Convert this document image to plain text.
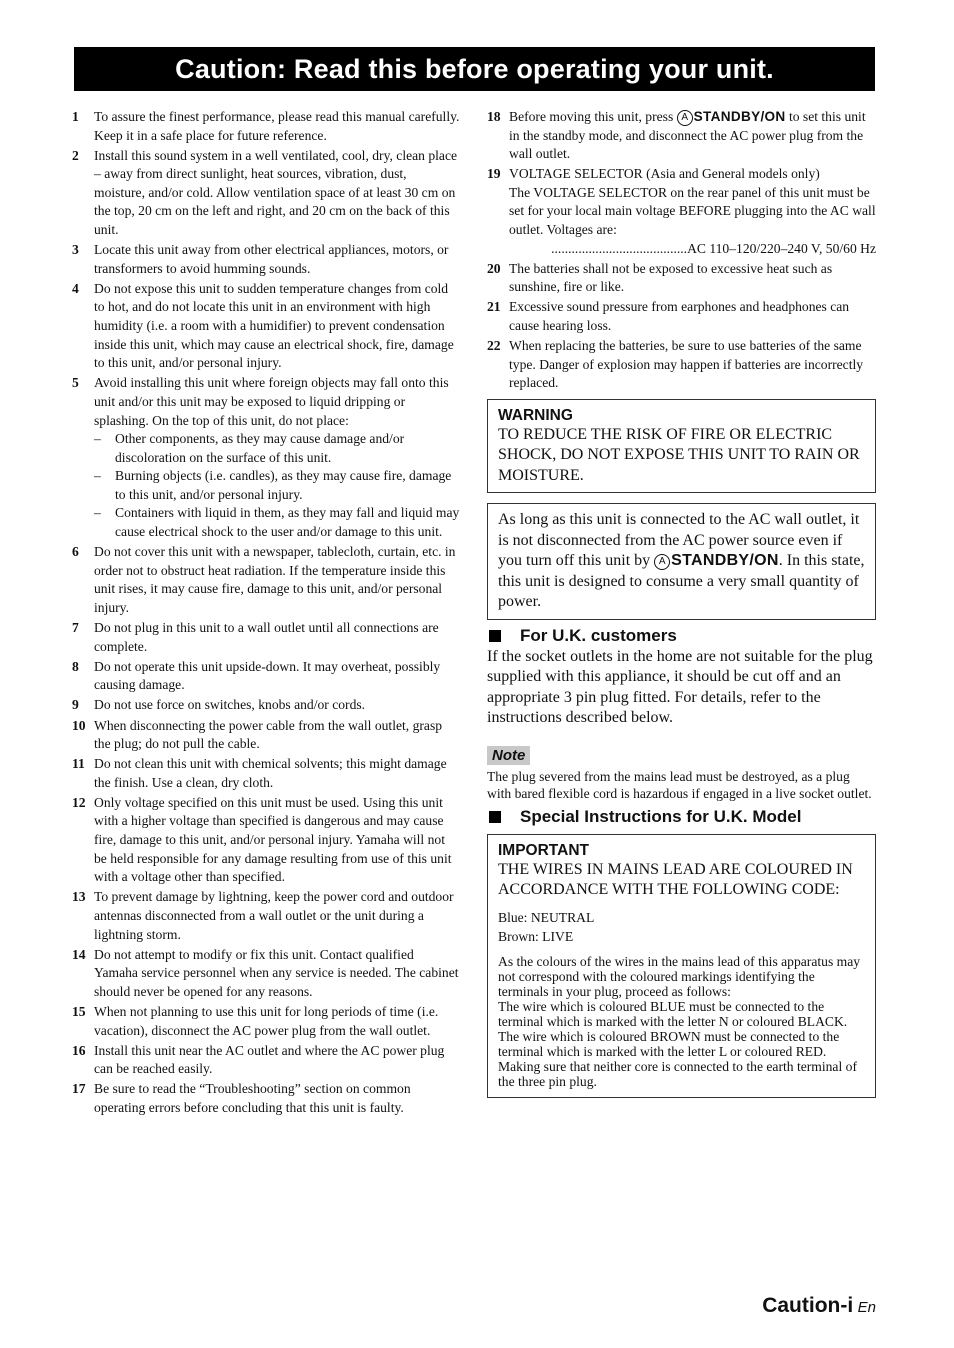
Caution: Read this before operating your unit.
1	To assure the finest performance, please read this manual carefully. Keep it in a safe place for future reference.
2	Install this sound system in a well ventilated, cool, dry, clean place – away from direct sunlight, heat sources, vibration, dust, moisture, and/or cold. Allow ventilation space of at least 30 cm on the top, 20 cm on the left and right, and 20 cm on the back of this unit.
3	Locate this unit away from other electrical appliances, motors, or transformers to avoid humming sounds.
4	Do not expose this unit to sudden temperature changes from cold to hot, and do not locate this unit in an environment with high humidity (i.e. a room with a humidifier) to prevent condensation inside this unit, which may cause an electrical shock, fire, damage to this unit, and/or personal injury.
5	Avoid installing this unit where foreign objects may fall onto this unit and/or this unit may be exposed to liquid dripping or splashing. On the top of this unit, do not place:
–	Other components, as they may cause damage and/or discoloration on the surface of this unit.
–	Burning objects (i.e. candles), as they may cause fire, damage to this unit, and/or personal injury.
–	Containers with liquid in them, as they may fall and liquid may cause electrical shock to the user and/or damage to this unit.
6	Do not cover this unit with a newspaper, tablecloth, curtain, etc. in order not to obstruct heat radiation. If the temperature inside this unit rises, it may cause fire, damage to this unit, and/or personal injury.
7	Do not plug in this unit to a wall outlet until all connections are complete.
8	Do not operate this unit upside-down. It may overheat, possibly causing damage.
9	Do not use force on switches, knobs and/or cords.
10 When disconnecting the power cable from the wall outlet, grasp the plug; do not pull the cable.
11 Do not clean this unit with chemical solvents; this might damage the finish. Use a clean, dry cloth.
12 Only voltage specified on this unit must be used. Using this unit with a higher voltage than specified is dangerous and may cause fire, damage to this unit, and/or personal injury. Yamaha will not be held responsible for any damage resulting from use of this unit with a voltage other than specified.
13 To prevent damage by lightning, keep the power cord and outdoor antennas disconnected from a wall outlet or the unit during a lightning storm.
14 Do not attempt to modify or fix this unit. Contact qualified Yamaha service personnel when any service is needed. The cabinet should never be opened for any reasons.
15 When not planning to use this unit for long periods of time (i.e. vacation), disconnect the AC power plug from the wall outlet.
16 Install this unit near the AC outlet and where the AC power plug can be reached easily.
17 Be sure to read the “Troubleshooting” section on common operating errors before concluding that this unit is faulty.
18 Before moving this unit, press A STANDBY/ON to set this unit in the standby mode, and disconnect the AC power plug from the wall outlet.
19 VOLTAGE SELECTOR (Asia and General models only)
The VOLTAGE SELECTOR on the rear panel of this unit must be set for your local main voltage BEFORE plugging into the AC wall outlet. Voltages are:
........................................AC 110–120/220–240 V, 50/60 Hz
20 The batteries shall not be exposed to excessive heat such as sunshine, fire or like.
21 Excessive sound pressure from earphones and headphones can cause hearing loss.
22 When replacing the batteries, be sure to use batteries of the same type. Danger of explosion may happen if batteries are incorrectly replaced.
WARNING
TO REDUCE THE RISK OF FIRE OR ELECTRIC SHOCK, DO NOT EXPOSE THIS UNIT TO RAIN OR MOISTURE.
As long as this unit is connected to the AC wall outlet, it is not disconnected from the AC power source even if you turn off this unit by A STANDBY/ON. In this state, this unit is designed to consume a very small quantity of power.
For U.K. customers
If the socket outlets in the home are not suitable for the plug supplied with this appliance, it should be cut off and an appropriate 3 pin plug fitted. For details, refer to the instructions described below.
Note
The plug severed from the mains lead must be destroyed, as a plug with bared flexible cord is hazardous if engaged in a live socket outlet.
Special Instructions for U.K. Model
IMPORTANT
THE WIRES IN MAINS LEAD ARE COLOURED IN ACCORDANCE WITH THE FOLLOWING CODE:
Blue: NEUTRAL
Brown: LIVE
As the colours of the wires in the mains lead of this apparatus may not correspond with the coloured markings identifying the terminals in your plug, proceed as follows:
The wire which is coloured BLUE must be connected to the terminal which is marked with the letter N or coloured BLACK. The wire which is coloured BROWN must be connected to the terminal which is marked with the letter L or coloured RED.
Making sure that neither core is connected to the earth terminal of the three pin plug.
Caution-i En
